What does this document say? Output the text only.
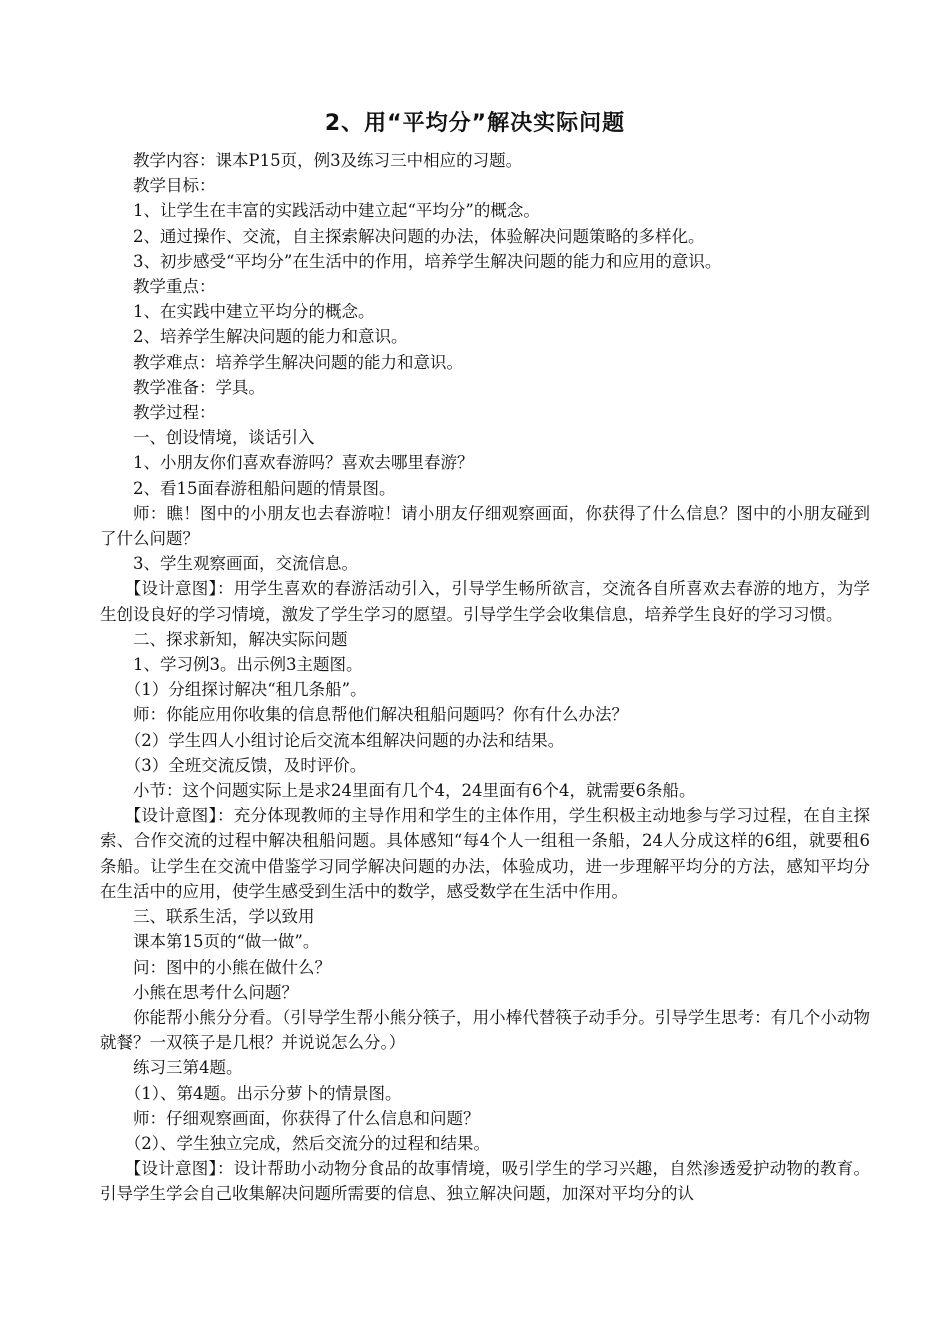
2、用“平均分”解决实际问题

教学内容：课本P15页，例3及练习三中相应的习题。

教学目标：

1、让学生在丰富的实践活动中建立起“平均分”的概念。

2、通过操作、交流，自主探索解决问题的办法，体验解决问题策略的多样化。

3、初步感受“平均分”在生活中的作用，培养学生解决问题的能力和应用的意识。

教学重点：

1、在实践中建立平均分的概念。

2、培养学生解决问题的能力和意识。

教学难点：培养学生解决问题的能力和意识。

教学准备：学具。

教学过程：

一、创设情境，谈话引入

1、小朋友你们喜欢春游吗？喜欢去哪里春游？

2、看15面春游租船问题的情景图。

师：瞧！图中的小朋友也去春游啦！请小朋友仔细观察画面，你获得了什么信息？图中的小朋友碰到了什么问题？

3、学生观察画面，交流信息。

【设计意图】：用学生喜欢的春游活动引入，引导学生畅所欲言，交流各自所喜欢去春游的地方，为学生创设良好的学习情境，激发了学生学习的愿望。引导学生学会收集信息，培养学生良好的学习习惯。

二、探求新知，解决实际问题

1、学习例3。出示例3主题图。

（1）分组探讨解决“租几条船”。

师：你能应用你收集的信息帮他们解决租船问题吗？你有什么办法？

（2）学生四人小组讨论后交流本组解决问题的办法和结果。

（3）全班交流反馈，及时评价。

小节：这个问题实际上是求24里面有几个4，24里面有6个4，就需要6条船。

【设计意图】：充分体现教师的主导作用和学生的主体作用，学生积极主动地参与学习过程，在自主探索、合作交流的过程中解决租船问题。具体感知“每4个人一组租一条船，24人分成这样的6组，就要租6条船。让学生在交流中借鉴学习同学解决问题的办法，体验成功，进一步理解平均分的方法，感知平均分在生活中的应用，使学生感受到生活中的数学，感受数学在生活中作用。

三、联系生活，学以致用

课本第15页的“做一做”。

问：图中的小熊在做什么？

小熊在思考什么问题？

你能帮小熊分分看。（引导学生帮小熊分筷子，用小棒代替筷子动手分。引导学生思考：有几个小动物就餐？一双筷子是几根？并说说怎么分。）

练习三第4题。

（1）、第4题。出示分萝卜的情景图。

师：仔细观察画面，你获得了什么信息和问题？

（2）、学生独立完成，然后交流分的过程和结果。

【设计意图】：设计帮助小动物分食品的故事情境，吸引学生的学习兴趣，自然渗透爱护动物的教育。引导学生学会自己收集解决问题所需要的信息、独立解决问题，加深对平均分的认
